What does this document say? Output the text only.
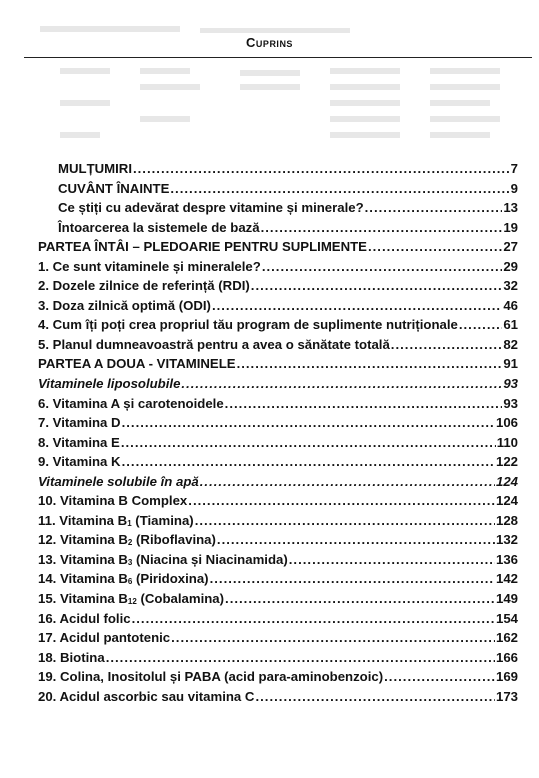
Cuprins
MULȚUMIRI .....	7
CUVÂNT ÎNAINTE .....	9
Ce știți cu adevărat despre vitamine și minerale? .....	13
Întoarcerea la sistemele de bază .....	19
PARTEA ÎNTÂI – PLEDOARIE PENTRU SUPLIMENTE .....	27
1. Ce sunt vitaminele și mineralele? .....	29
2. Dozele zilnice de referință (RDI) .....	32
3. Doza zilnică optimă (ODI) .....	46
4. Cum îți poți crea propriul tău program de suplimente nutriționale .....	61
5. Planul dumneavoastră pentru a avea o sănătate totală .....	82
PARTEA A DOUA - VITAMINELE .....	91
Vitaminele liposolubile .....	93
6. Vitamina A și carotenoidele .....	93
7. Vitamina D .....	106
8. Vitamina E .....	110
9. Vitamina K .....	122
Vitaminele solubile în apă .....	124
10. Vitamina B Complex .....	124
11. Vitamina $B_1$ (Tiamina) .....	128
12. Vitamina $B_2$ (Riboflavina) .....	132
13. Vitamina $B_3$ (Niacina și Niacinamida) .....	136
14. Vitamina $B_6$ (Piridoxina) .....	142
15. Vitamina $B_{12}$ (Cobalamina) .....	149
16. Acidul folic .....	154
17. Acidul pantotenic .....	162
18. Biotina .....	166
19. Colina, Inositolul și PABA (acid para-aminobenzoic) .....	169
20. Acidul ascorbic sau vitamina C .....	173
